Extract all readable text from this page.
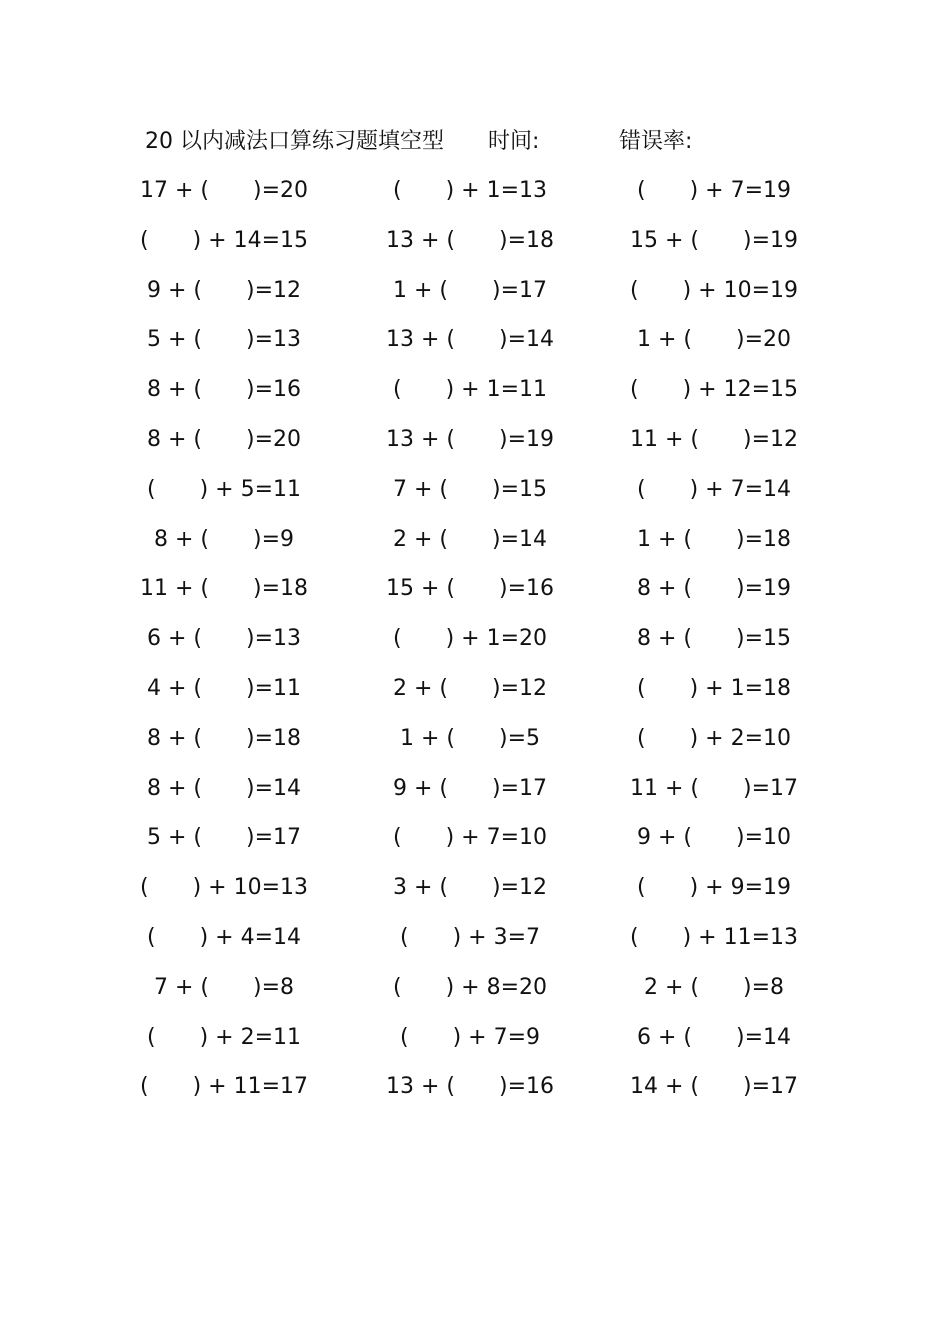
20 以内减法口算练习题填空型 时间:	错误率:
17 + (　　)=20	(　　) + 1=13	(　　) + 7=19
(　　) + 14=15	13 + (　　)=18	15 + (　　)=19
9 + (　　)=12	1 + (　　)=17	(　　) + 10=19
5 + (　　)=13	13 + (　　)=14	1 + (　　)=20
8 + (　　)=16	(　　) + 1=11	(　　) + 12=15
8 + (　　)=20	13 + (　　)=19	11 + (　　)=12
(　　) + 5=11	7 + (　　)=15	(　　) + 7=14
8 + (　　)=9	2 + (　　)=14	1 + (　　)=18
11 + (　　)=18	15 + (　　)=16	8 + (　　)=19
6 + (　　)=13	(　　) + 1=20	8 + (　　)=15
4 + (　　)=11	2 + (　　)=12	(　　) + 1=18
8 + (　　)=18	1 + (　　)=5	(　　) + 2=10
8 + (　　)=14	9 + (　　)=17	11 + (　　)=17
5 + (　　)=17	(　　) + 7=10	9 + (　　)=10
(　　) + 10=13	3 + (　　)=12	(　　) + 9=19
(　　) + 4=14	(　　) + 3=7	(　　) + 11=13
7 + (　　)=8	(　　) + 8=20	2 + (　　)=8
(　　) + 2=11	(　　) + 7=9	6 + (　　)=14
(　　) + 11=17	13 + (　　)=16	14 + (　　)=17
